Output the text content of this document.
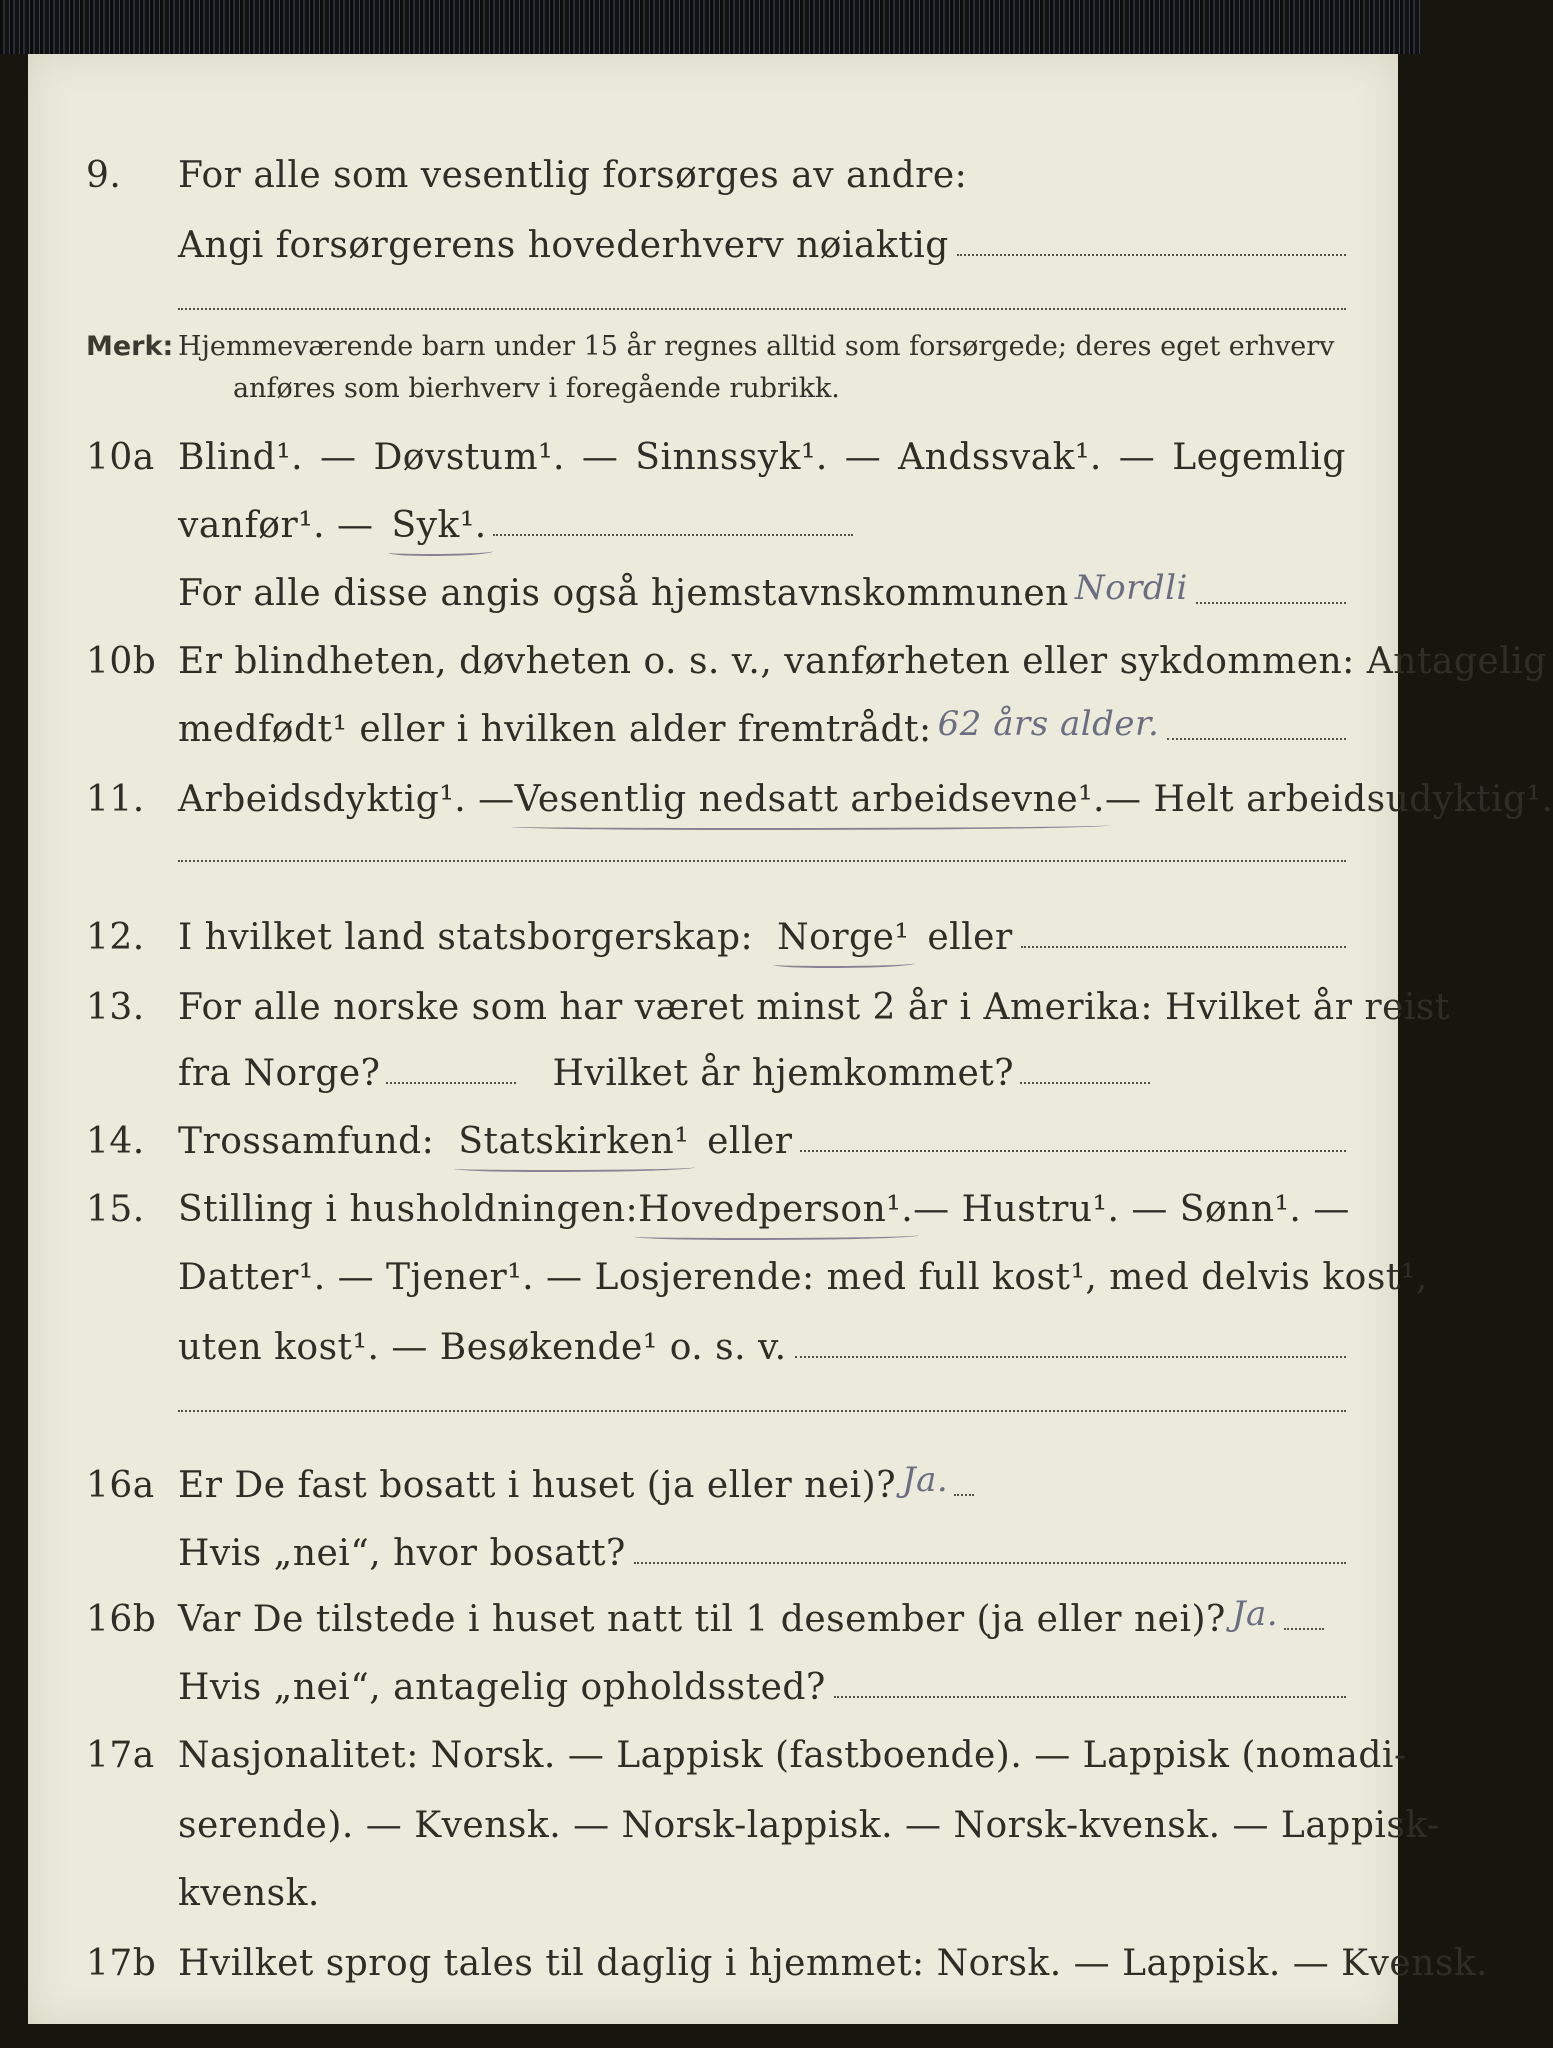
9. For alle som vesentlig forsørges av andre:
Angi forsørgerens hovederhverv nøiaktig
Merk: Hjemmeværende barn under 15 år regnes alltid som forsørgede; deres eget erhverv
anføres som bierhverv i foregående rubrikk.
10a Blind¹. — Døvstum¹. — Sinnssyk¹. — Andssvak¹. — Legemlig
vanfør¹. — Syk¹.
For alle disse angis også hjemstavnskommunen Nordli
10b Er blindheten, døvheten o. s. v., vanførheten eller sykdommen: Antagelig
medfødt¹ eller i hvilken alder fremtrådt: 62 års alder.
11. Arbeidsdyktig¹. — Vesentlig nedsatt arbeidsevne¹. — Helt arbeidsudyktig¹.
12. I hvilket land statsborgerskap: Norge¹ eller
13. For alle norske som har været minst 2 år i Amerika: Hvilket år reist
fra Norge?	Hvilket år hjemkommet?
14. Trossamfund: Statskirken¹ eller
15. Stilling i husholdningen: Hovedperson¹. — Hustru¹. — Sønn¹. —
Datter¹. — Tjener¹. — Losjerende: med full kost¹, med delvis kost¹,
uten kost¹. — Besøkende¹ o. s. v.
16a Er De fast bosatt i huset (ja eller nei)? Ja.
Hvis „nei“, hvor bosatt?
16b Var De tilstede i huset natt til 1 desember (ja eller nei)? Ja.
Hvis „nei“, antagelig opholdssted?
17a Nasjonalitet: Norsk. — Lappisk (fastboende). — Lappisk (nomadi-
serende). — Kvensk. — Norsk-lappisk. — Norsk-kvensk. — Lappisk-
kvensk.
17b Hvilket sprog tales til daglig i hjemmet: Norsk. — Lappisk. — Kvensk.
